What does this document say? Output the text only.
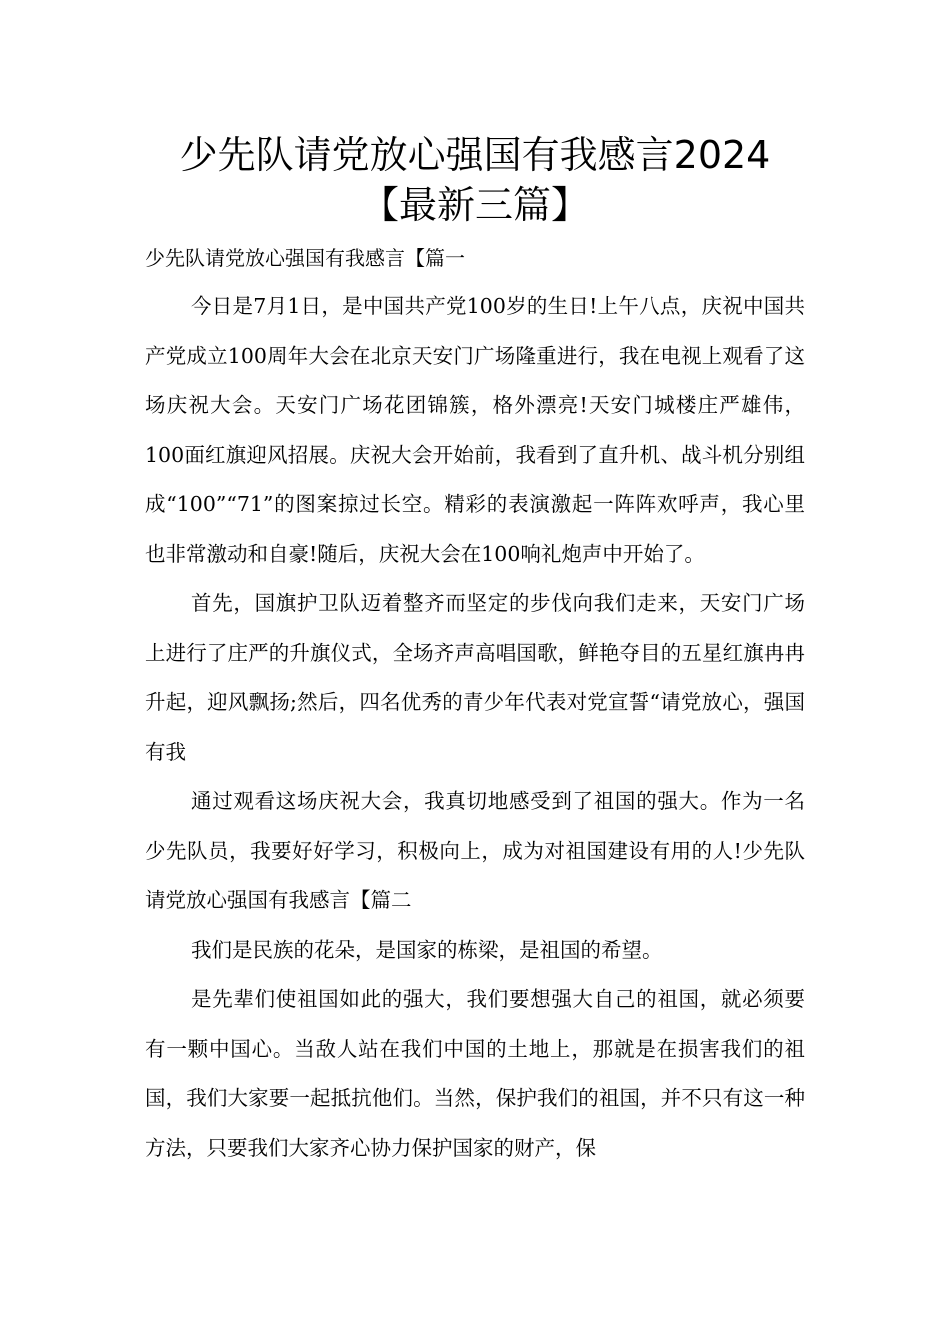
少先队请党放心强国有我感言2024【最新三篇】
少先队请党放心强国有我感言【篇一

今日是7月1日，是中国共产党100岁的生日!上午八点，庆祝中国共产党成立100周年大会在北京天安门广场隆重进行，我在电视上观看了这场庆祝大会。天安门广场花团锦簇，格外漂亮!天安门城楼庄严雄伟，100面红旗迎风招展。庆祝大会开始前，我看到了直升机、战斗机分别组成“100”“71”的图案掠过长空。精彩的表演激起一阵阵欢呼声，我心里也非常激动和自豪!随后，庆祝大会在100响礼炮声中开始了。

首先，国旗护卫队迈着整齐而坚定的步伐向我们走来，天安门广场上进行了庄严的升旗仪式，全场齐声高唱国歌，鲜艳夺目的五星红旗冉冉升起，迎风飘扬;然后，四名优秀的青少年代表对党宣誓“请党放心，强国有我

通过观看这场庆祝大会，我真切地感受到了祖国的强大。作为一名少先队员，我要好好学习，积极向上，成为对祖国建设有用的人!少先队请党放心强国有我感言【篇二

我们是民族的花朵，是国家的栋梁，是祖国的希望。

是先辈们使祖国如此的强大，我们要想强大自己的祖国，就必须要有一颗中国心。当敌人站在我们中国的土地上，那就是在损害我们的祖国，我们大家要一起抵抗他们。当然，保护我们的祖国，并不只有这一种方法，只要我们大家齐心协力保护国家的财产，保
